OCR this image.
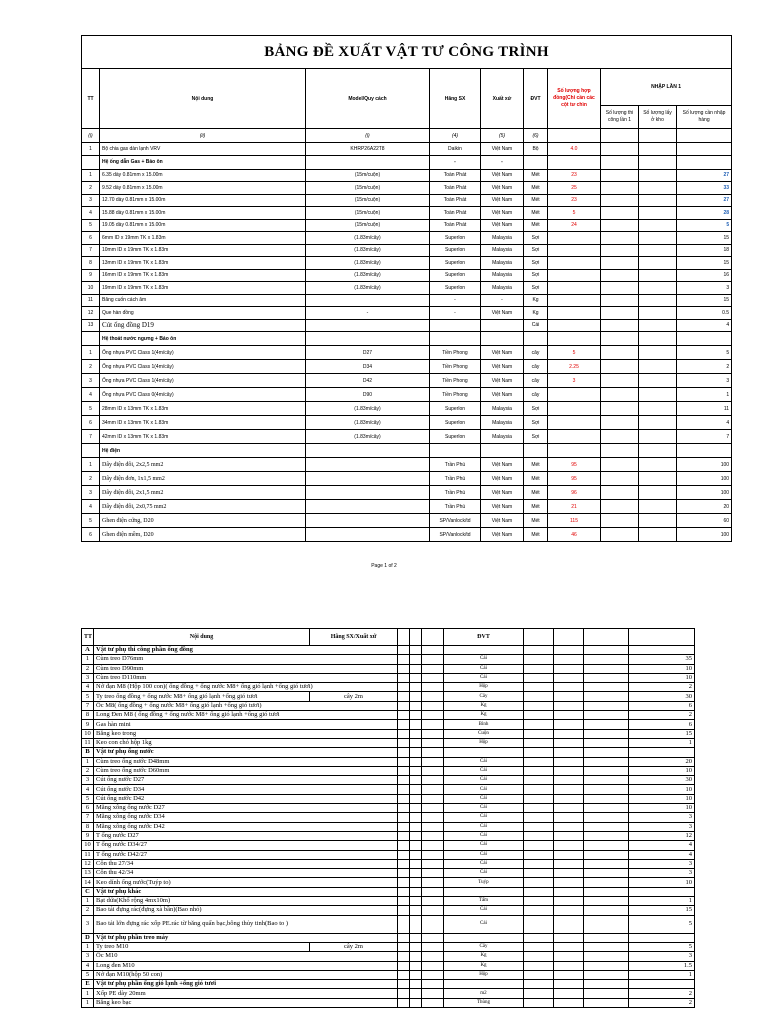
BẢNG ĐỀ XUẤT VẬT TƯ CÔNG TRÌNH									
TT	Nội dung	Model/Quy cách	Hãng SX	Xuất xứ	ĐVT	Số lượng hợp đồng(Chỉ cần các cột tư chìn	NHẬP LẦN 1		
							Số lượng thi công lần 1	Số lượng lấy ở kho	Số lượng cần nhập hàng
(i)	(ii)	(i)	(4)	(5)	(6)				
1	Bộ chia gas dàn lạnh VRV	KHRP26A22T8	Daikin	Việt Nam	Bộ	4.0			
	Hệ ống dẫn Gas + Bảo ôn		-	-					
1	6.35 dày 0.81mm x 15.00m	(15m/cuộn)	Toàn Phát	Việt Nam	Mét	23			27
2	9.52 dày 0.81mm x 15.00m	(15m/cuộn)	Toàn Phát	Việt Nam	Mét	25			33
3	12.70 dày 0.81mm x 15.00m	(15m/cuộn)	Toàn Phát	Việt Nam	Mét	23			27
4	15.88 dày 0.81mm x 15.00m	(15m/cuộn)	Toàn Phát	Việt Nam	Mét	5			28
5	19.05 dày 0.81mm x 15.00m	(15m/cuộn)	Toàn Phát	Việt Nam	Mét	24			5
6	6mm ID x 19mm TK x 1.83m	(1.83m/cây)	Superlon	Malaysia	Sợi				15
7	10mm ID x 19mm TK x 1.83m	(1.83m/cây)	Superlon	Malaysia	Sợi				18
8	13mm ID x 19mm TK x 1.83m	(1.83m/cây)	Superlon	Malaysia	Sợi				15
9	16mm ID x 19mm TK x 1.83m	(1.83m/cây)	Superlon	Malaysia	Sợi				16
10	19mm ID x 19mm TK x 1.83m	(1.83m/cây)	Superlon	Malaysia	Sợi				3
11	Băng cuốn cách âm		-	-	Kg				15
12	Que hàn đồng	-	-	Việt Nam	Kg				0.5
13	Cút ống đồng D19				Cái				4
	Hệ thoát nước ngưng + Bảo ôn								
1	Ống nhựa PVC Class 1(4m/cây)	D27	Tiền Phong	Việt Nam	cây	5			5
2	Ống nhựa PVC Class 1(4m/cây)	D34	Tiền Phong	Việt Nam	cây	2.25			2
3	Ống nhựa PVC Class 1(4m/cây)	D42	Tiền Phong	Việt Nam	cây	3			3
4	Ống nhựa PVC Class 0(4m/cây)	D90	Tiền Phong	Việt Nam	cây				1
5	28mm ID x 13mm TK x 1.83m	(1.83m/cây)	Superlon	Malaysia	Sợi				11
6	34mm ID x 13mm TK x 1.83m	(1.83m/cây)	Superlon	Malaysia	Sợi				4
7	42mm ID x 13mm TK x 1.83m	(1.83m/cây)	Superlon	Malaysia	Sợi				7
	Hệ điện								
1	Dây điện đôi, 2x2,5 mm2		Trần Phú	Việt Nam	Mét	95			100
2	Dây điện đơn, 1x1,5 mm2		Trần Phú	Việt Nam	Mét	95			100
3	Dây điện đôi, 2x1,5 mm2		Trần Phú	Việt Nam	Mét	96			100
4	Dây điện đôi, 2x0,75 mm2		Trần Phú	Việt Nam	Mét	21			20
5	Ghen điện cứng, D20		SP/Vanlock/td	Việt Nam	Mét	115			60
6	Ghen điện mềm, D20		SP/Vanlock/td	Việt Nam	Mét	46			100
Page 1 of 2
TT	Nội dung	Hãng SX/Xuất xứ				ĐVT				
A	Vật tư phụ thi công phần ống đồng									
1	Cùm treo D76mm					Cái				35
2	Cùm treo D90mm					Cái				10
3	Cùm treo D110mm					Cái				10
4	Nở đạn M8 (Hộp 100 con)( ống đồng + ống nước M8+ ống gió lạnh +ống gió tươi)					Hộp				2
5	Ty treo ống đồng + ống nước M8+ ống gió lạnh +ống gió tươi	cây 2m				Cây				30
7	Ốc M8( ống đồng + ống nước M8+ ống gió lạnh +ống gió tươi)					Kg				6
8	Long Đen M8 ( ống đồng + ống nước M8+ ống gió lạnh +ống gió tươi					Kg				2
9	Gas hàn mini					Bình				6
10	Băng keo trong					Cuộn				15
11	Keo con chó hộp 1kg					Hộp				1
B	Vật tư phụ ống nước									
1	Cùm treo ống nước D48mm					Cái				20
2	Cùm treo ống nước D60mm					Cái				10
3	Cút ống nước D27					Cái				30
4	Cút ống nước D34					Cái				10
5	Cút ống nước D42					Cái				10
6	Măng xông ống nước D27					Cái				10
7	Măng xông ống nước D34					Cái				3
8	Măng xông ống nước D42					Cái				3
9	T ống nước D27					Cái				12
10	T ống nước D34/27					Cái				4
11	T ống nước D42/27					Cái				4
12	Côn thu 27/34					Cái				3
13	Côn thu 42/34					Cái				3
14	Keo dính ống nước(Tuýp to)					Tuýp				10
C	Vật tư phụ khác									
1	Bạt dứa(Khổ rộng 4mx10m)					Tấm				1
2	Bao tải đựng rác(đựng xà bần)(Bao nhỏ)					Cái				15
3	Bao tải lớn đựng rác xốp PE.rác từ băng quấn bạc,bông thủy tinh(Bao to )					Cái				5
D	Vật tư phụ phần treo máy									
1	Ty treo M10	cây 2m				Cây				5
3	Ốc M10					Kg				3
4	Long đen M10					Kg				1.5
5	Nở đạn M10(hộp 50 con)					Hộp				1
E	Vật tư phụ phần ống gió lạnh +ống gió tươi									
1	Xốp PE dày 20mm					m2				2
1	Băng keo bạc					Thùng				2
